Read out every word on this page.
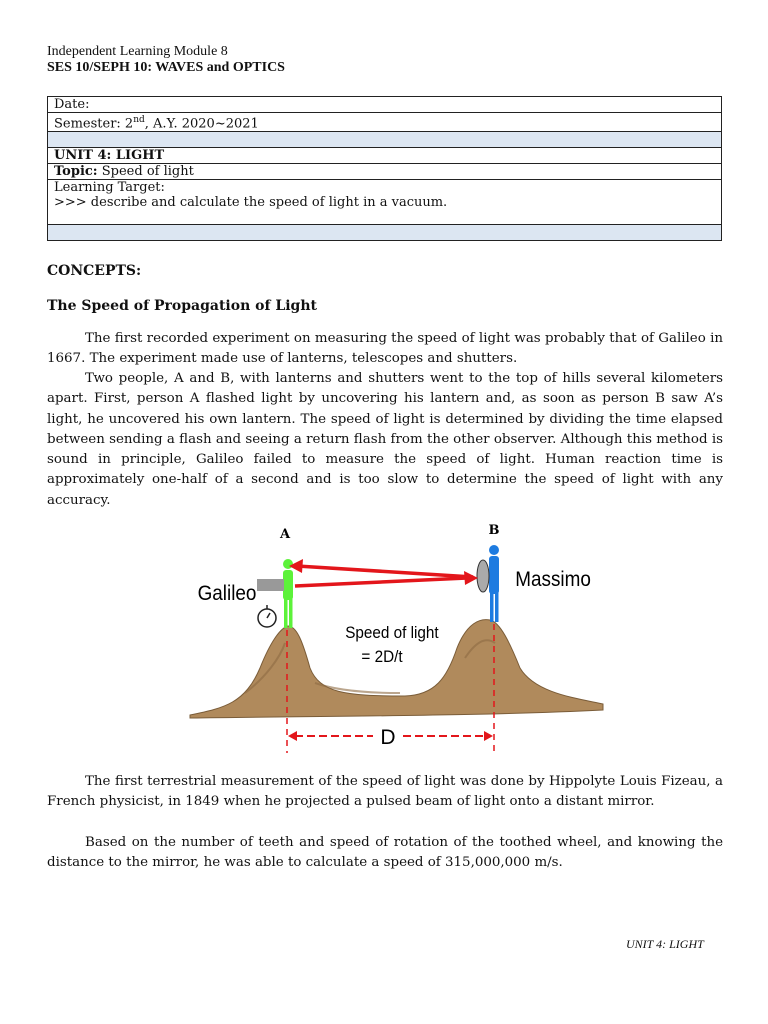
Independent Learning Module 8
SES 10/SEPH 10: WAVES and OPTICS
Date:
Semester: 2nd, A.Y. 2020~2021

UNIT 4: LIGHT
Topic: Speed of light

Learning Target:
>>> describe and calculate the speed of light in a vacuum.

CONCEPTS:
The Speed of Propagation of Light
The first recorded experiment on measuring the speed of light was probably that of Galileo in 1667. The experiment made use of lanterns, telescopes and shutters.
Two people, A and B, with lanterns and shutters went to the top of hills several kilometers apart. First, person A flashed light by uncovering his lantern and, as soon as person B saw A’s light, he uncovered his own lantern. The speed of light is determined by dividing the time elapsed between sending a flash and seeing a return flash from the other observer. Although this method is sound in principle, Galileo failed to measure the speed of light. Human reaction time is approximately one-half of a second and is too slow to determine the speed of light with any accuracy.
A	B
Galileo
Massimo
Speed of light
= 2D/t
D
The first terrestrial measurement of the speed of light was done by Hippolyte Louis Fizeau, a French physicist, in 1849 when he projected a pulsed beam of light onto a distant mirror.
Based on the number of teeth and speed of rotation of the toothed wheel, and knowing the distance to the mirror, he was able to calculate a speed of 315,000,000 m/s.
UNIT 4: LIGHT
